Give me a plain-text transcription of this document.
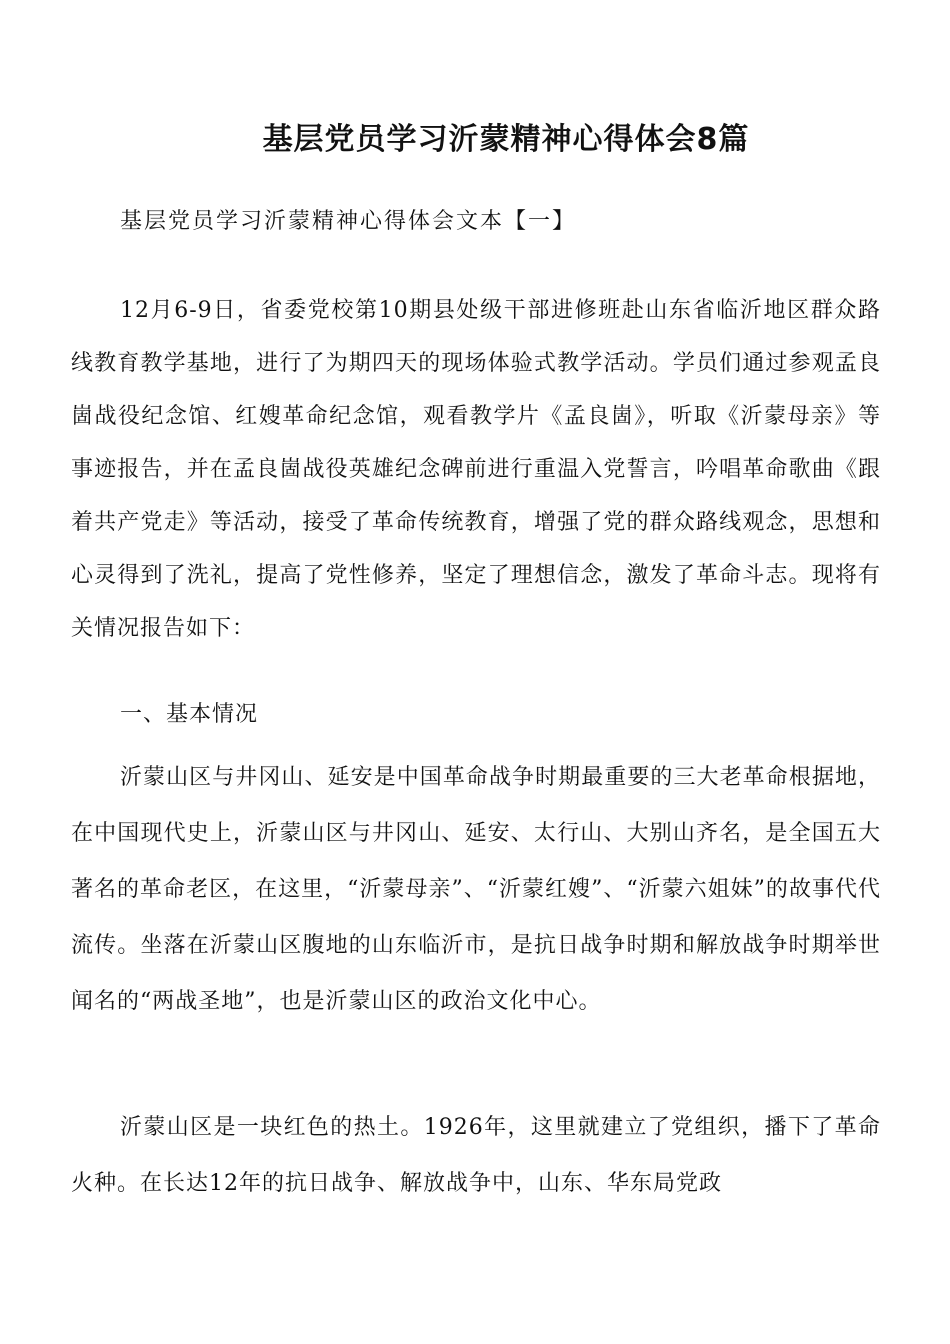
基层党员学习沂蒙精神心得体会8篇
基层党员学习沂蒙精神心得体会文本【一】

12月6-9日，省委党校第10期县处级干部进修班赴山东省临沂地区群众路线教育教学基地，进行了为期四天的现场体验式教学活动。学员们通过参观孟良崮战役纪念馆、红嫂革命纪念馆，观看教学片《孟良崮》，听取《沂蒙母亲》等事迹报告，并在孟良崮战役英雄纪念碑前进行重温入党誓言，吟唱革命歌曲《跟着共产党走》等活动，接受了革命传统教育，增强了党的群众路线观念，思想和心灵得到了洗礼，提高了党性修养，坚定了理想信念，激发了革命斗志。现将有关情况报告如下：

一、基本情况

沂蒙山区与井冈山、延安是中国革命战争时期最重要的三大老革命根据地，在中国现代史上，沂蒙山区与井冈山、延安、太行山、大别山齐名，是全国五大著名的革命老区，在这里，“沂蒙母亲”、“沂蒙红嫂”、“沂蒙六姐妹”的故事代代流传。坐落在沂蒙山区腹地的山东临沂市，是抗日战争时期和解放战争时期举世闻名的“两战圣地”，也是沂蒙山区的政治文化中心。

沂蒙山区是一块红色的热土。1926年，这里就建立了党组织，播下了革命火种。在长达12年的抗日战争、解放战争中，山东、华东局党政
